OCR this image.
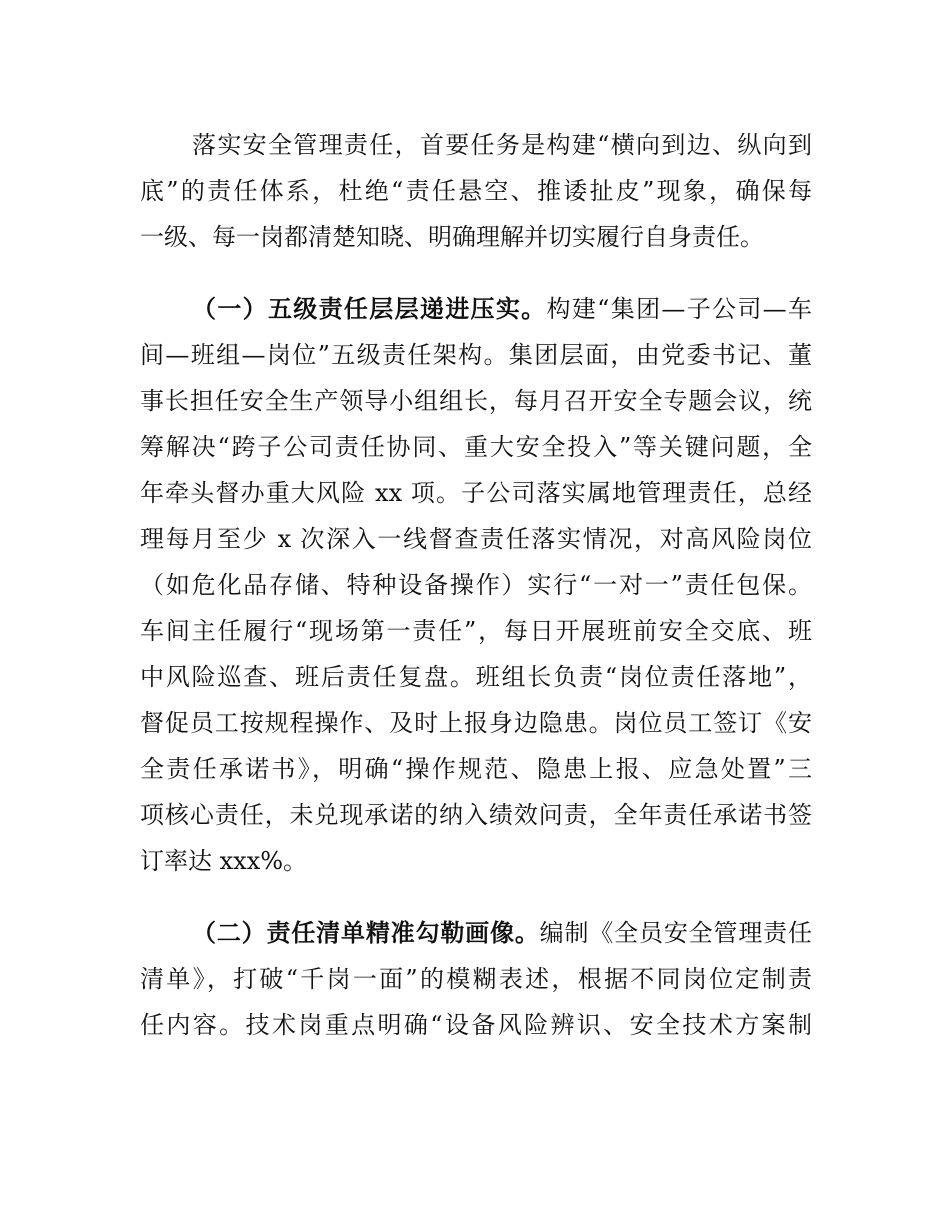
落实安全管理责任，首要任务是构建“横向到边、纵向到
底”的责任体系，杜绝“责任悬空、推诿扯皮”现象，确保每
一级、每一岗都清楚知晓、明确理解并切实履行自身责任。
（一）五级责任层层递进压实。构建“集团—子公司—车
间—班组—岗位”五级责任架构。集团层面，由党委书记、董
事长担任安全生产领导小组组长，每月召开安全专题会议，统
筹解决“跨子公司责任协同、重大安全投入”等关键问题，全
年牵头督办重大风险 xx 项。子公司落实属地管理责任，总经
理每月至少 x 次深入一线督查责任落实情况，对高风险岗位
（如危化品存储、特种设备操作）实行“一对一”责任包保。
车间主任履行“现场第一责任”，每日开展班前安全交底、班
中风险巡查、班后责任复盘。班组长负责“岗位责任落地”，
督促员工按规程操作、及时上报身边隐患。岗位员工签订《安
全责任承诺书》，明确“操作规范、隐患上报、应急处置”三
项核心责任，未兑现承诺的纳入绩效问责，全年责任承诺书签
订率达 xxx%。
（二）责任清单精准勾勒画像。编制《全员安全管理责任
清单》，打破“千岗一面”的模糊表述，根据不同岗位定制责
任内容。技术岗重点明确“设备风险辨识、安全技术方案制
